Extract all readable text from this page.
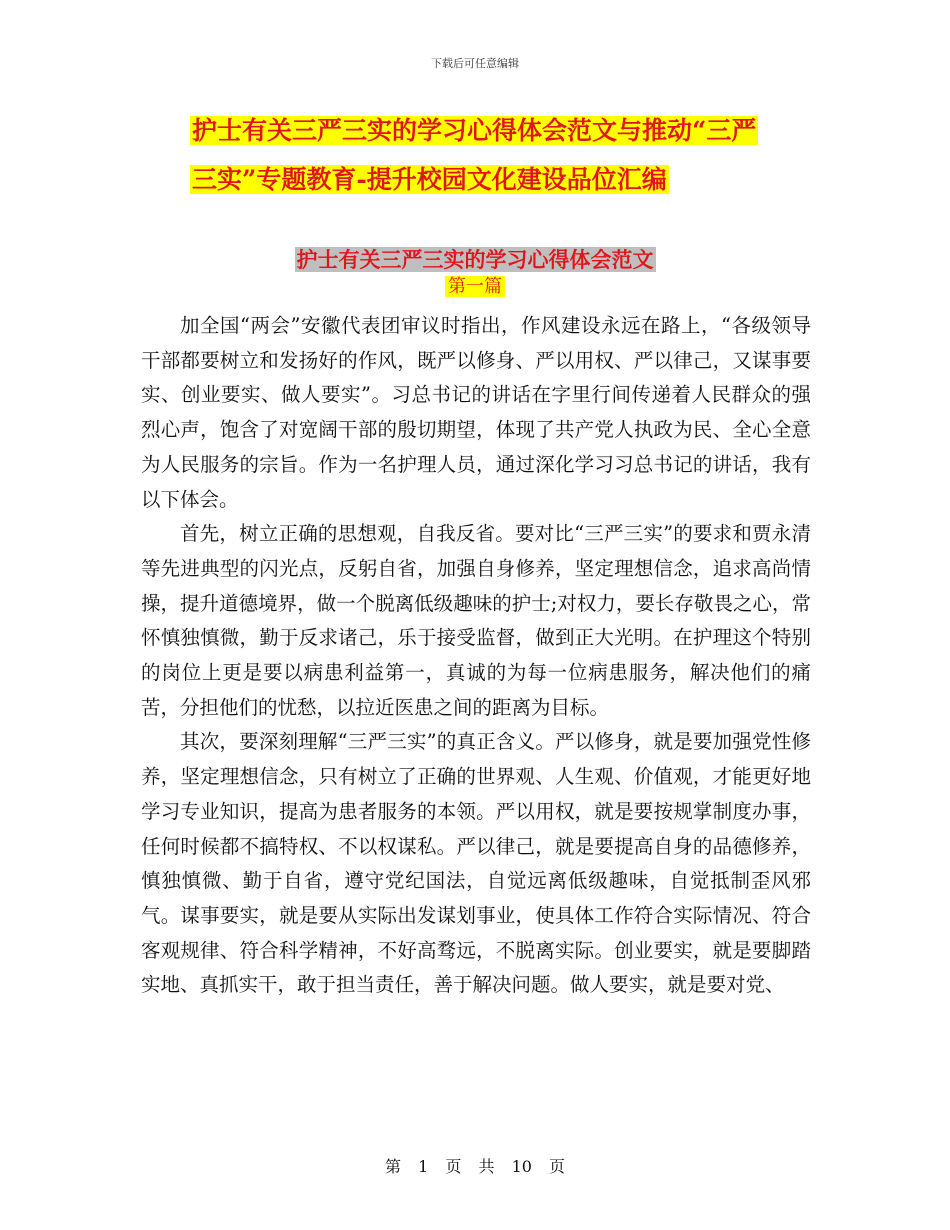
下载后可任意编辑
护士有关三严三实的学习心得体会范文与推动“三严
三实”专题教育-提升校园文化建设品位汇编
护士有关三严三实的学习心得体会范文
第一篇

加全国“两会”安徽代表团审议时指出，作风建设永远在路上，“各级领导干部都要树立和发扬好的作风，既严以修身、严以用权、严以律己，又谋事要实、创业要实、做人要实”。习总书记的讲话在字里行间传递着人民群众的强烈心声，饱含了对宽阔干部的殷切期望，体现了共产党人执政为民、全心全意为人民服务的宗旨。作为一名护理人员，通过深化学习习总书记的讲话，我有以下体会。

首先，树立正确的思想观，自我反省。要对比“三严三实”的要求和贾永清等先进典型的闪光点，反躬自省，加强自身修养，坚定理想信念，追求高尚情操，提升道德境界，做一个脱离低级趣味的护士;对权力，要长存敬畏之心，常怀慎独慎微，勤于反求诸己，乐于接受监督，做到正大光明。在护理这个特别的岗位上更是要以病患利益第一，真诚的为每一位病患服务，解决他们的痛苦，分担他们的忧愁，以拉近医患之间的距离为目标。

其次，要深刻理解“三严三实”的真正含义。严以修身，就是要加强党性修养，坚定理想信念，只有树立了正确的世界观、人生观、价值观，才能更好地学习专业知识，提高为患者服务的本领。严以用权，就是要按规掌制度办事，任何时候都不搞特权、不以权谋私。严以律己，就是要提高自身的品德修养，慎独慎微、勤于自省，遵守党纪国法，自觉远离低级趣味，自觉抵制歪风邪气。谋事要实，就是要从实际出发谋划事业，使具体工作符合实际情况、符合客观规律、符合科学精神，不好高骛远，不脱离实际。创业要实，就是要脚踏实地、真抓实干，敢于担当责任，善于解决问题。做人要实，就是要对党、

第 1 页 共 10 页
